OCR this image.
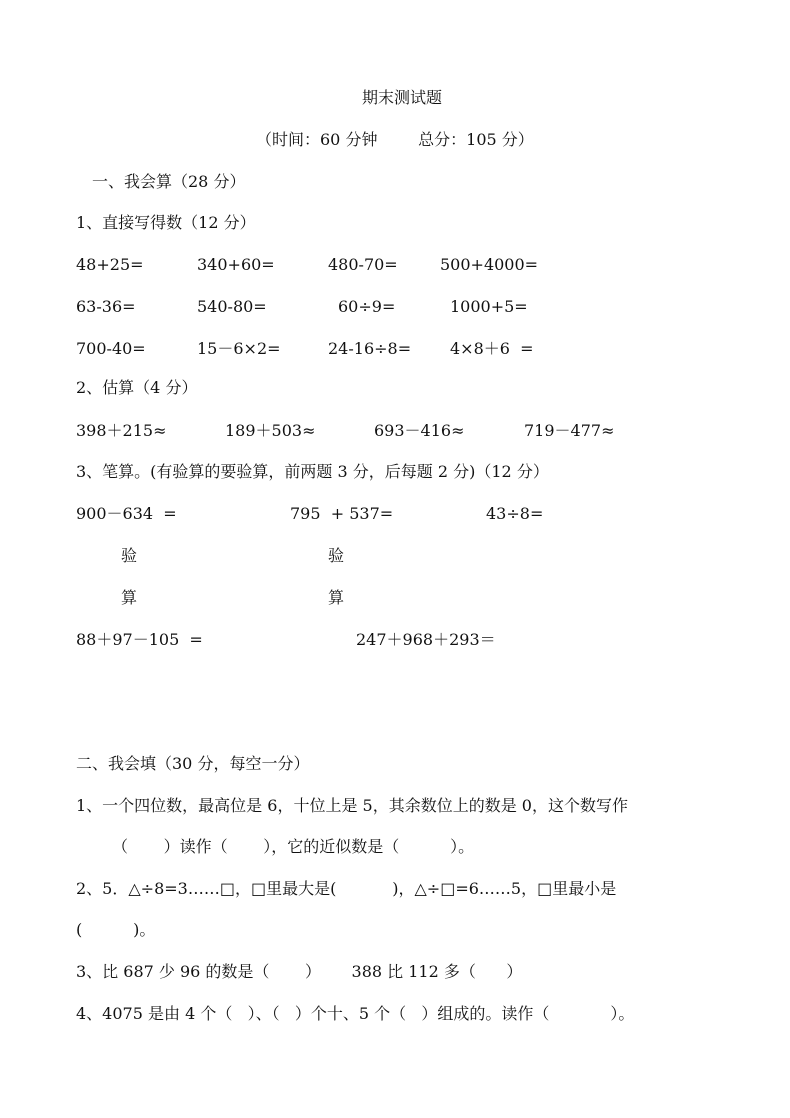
期末测试题
（时间：60 分钟        总分：105 分）
一、我会算（28 分）
1、直接写得数（12 分）
48+25=	340+60=	480-70=	500+4000=
63-36=	540-80=	60÷9=	1000+5=
700-40=	15－6×2=	24-16÷8= 4×8＋6  =
2、估算（4 分）
398＋215≈	189＋503≈	693－416≈	719－477≈
3、笔算。(有验算的要验算，前两题 3 分，后每题 2 分)（12 分）
900－634  =	795  + 537=	43÷8=
验	验
算	算
88＋97－105  =	247＋968＋293＝
二、我会填（30 分，每空一分）
1、一个四位数，最高位是 6，十位上是 5，其余数位上的数是 0，这个数写作
（       ）读作（       ），它的近似数是（          ）。
2、5．△÷8=3……□，□里最大是(           )，△÷□=6……5，□里最小是
(          )。
3、比 687 少 96 的数是（       ）      388 比 112 多（      ）
4、4075 是由 4 个（   ）、（   ）个十、5 个（   ）组成的。读作（            ）。
